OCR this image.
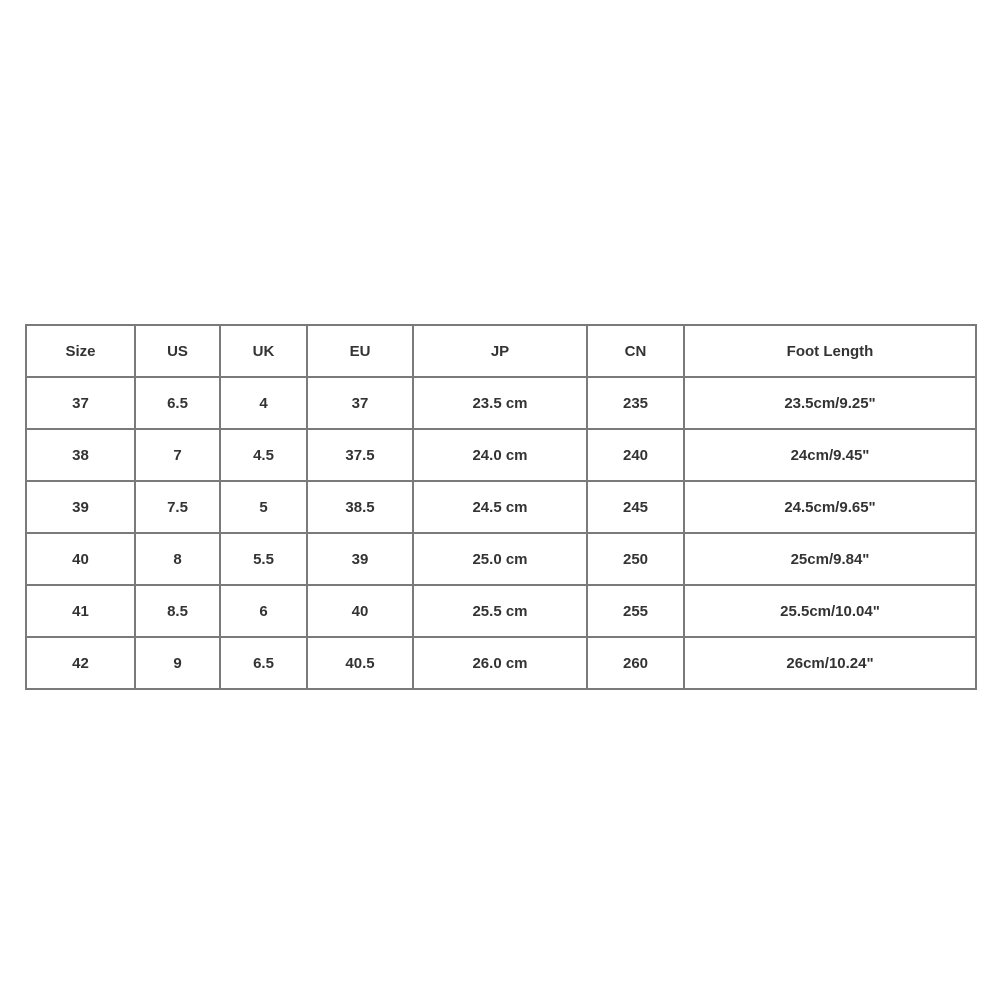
Size	US	UK	EU	JP	CN	Foot Length
37	6.5	4	37	23.5 cm	235	23.5cm/9.25"
38	7	4.5	37.5	24.0 cm	240	24cm/9.45"
39	7.5	5	38.5	24.5 cm	245	24.5cm/9.65"
40	8	5.5	39	25.0 cm	250	25cm/9.84"
41	8.5	6	40	25.5 cm	255	25.5cm/10.04"
42	9	6.5	40.5	26.0 cm	260	26cm/10.24"
